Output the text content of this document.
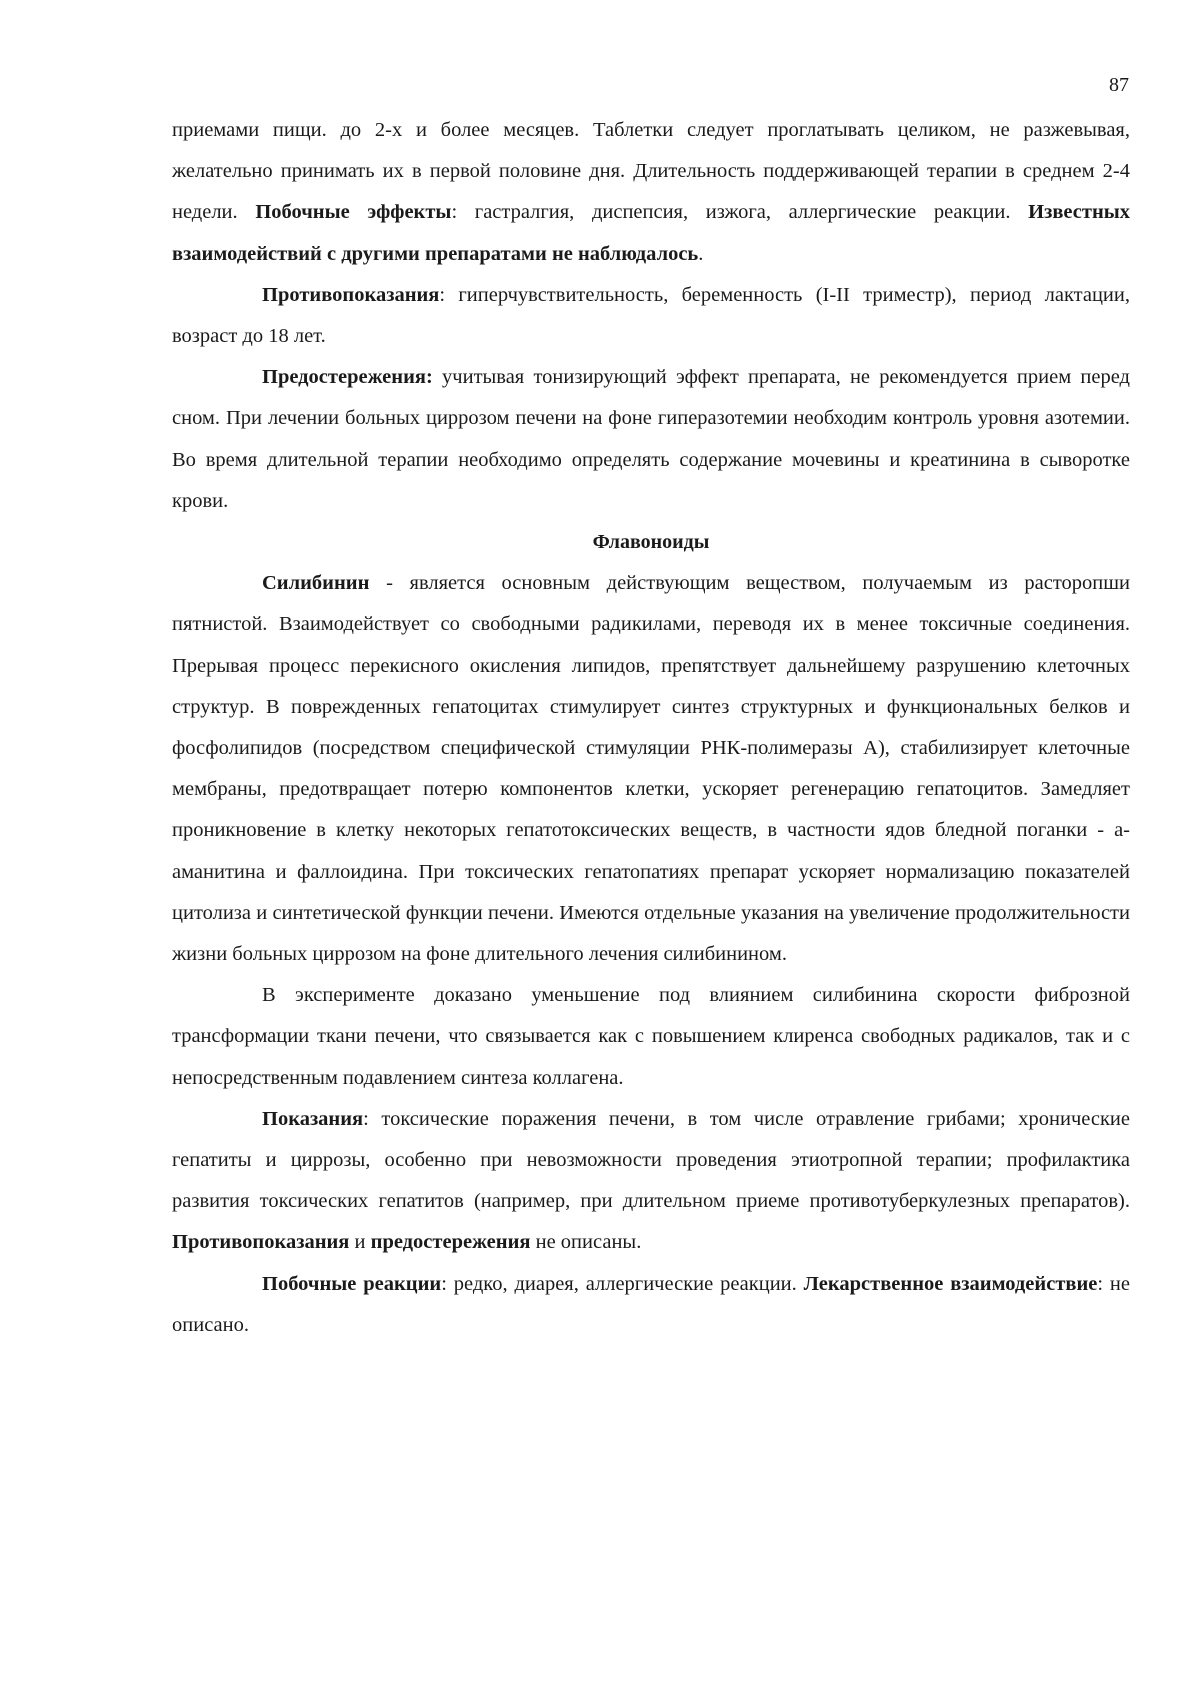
87

приемами пищи. до 2-х и более месяцев. Таблетки следует проглатывать целиком, не разжевывая, желательно принимать их в первой половине дня. Длительность поддерживающей терапии в среднем 2-4 недели. Побочные эффекты: гастралгия, диспепсия, изжога, аллергические реакции. Известных взаимодействий с другими препаратами не наблюдалось.

Противопоказания: гиперчувствительность, беременность (I-II триместр), период лактации, возраст до 18 лет.

Предостережения: учитывая тонизирующий эффект препарата, не рекомендуется прием перед сном. При лечении больных циррозом печени на фоне гиперазотемии необходим контроль уровня азотемии. Во время длительной терапии необходимо определять содержание мочевины и креатинина в сыворотке крови.

Флавоноиды

Силибинин - является основным действующим веществом, получаемым из расторопши пятнистой. Взаимодействует со свободными радикилами, переводя их в менее токсичные соединения. Прерывая процесс перекисного окисления липидов, препятствует дальнейшему разрушению клеточных структур. В поврежденных гепатоцитах стимулирует синтез структурных и функциональных белков и фосфолипидов (посредством специфической стимуляции РНК-полимеразы А), стабилизирует клеточные мембраны, предотвращает потерю компонентов клетки, ускоряет регенерацию гепатоцитов. Замедляет проникновение в клетку некоторых гепатотоксических веществ, в частности ядов бледной поганки - а-аманитина и фаллоидина. При токсических гепатопатиях препарат ускоряет нормализацию показателей цитолиза и синтетической функции печени. Имеются отдельные указания на увеличение продолжительности жизни больных циррозом на фоне длительного лечения силибинином.

В эксперименте доказано уменьшение под влиянием силибинина скорости фиброзной трансформации ткани печени, что связывается как с повышением клиренса свободных радикалов, так и с непосредственным подавлением синтеза коллагена.

Показания: токсические поражения печени, в том числе отравление грибами; хронические гепатиты и циррозы, особенно при невозможности проведения этиотропной терапии; профилактика развития токсических гепатитов (например, при длительном приеме противотуберкулезных препаратов). Противопоказания и предостережения не описаны.

Побочные реакции: редко, диарея, аллергические реакции. Лекарственное взаимодействие: не описано.
